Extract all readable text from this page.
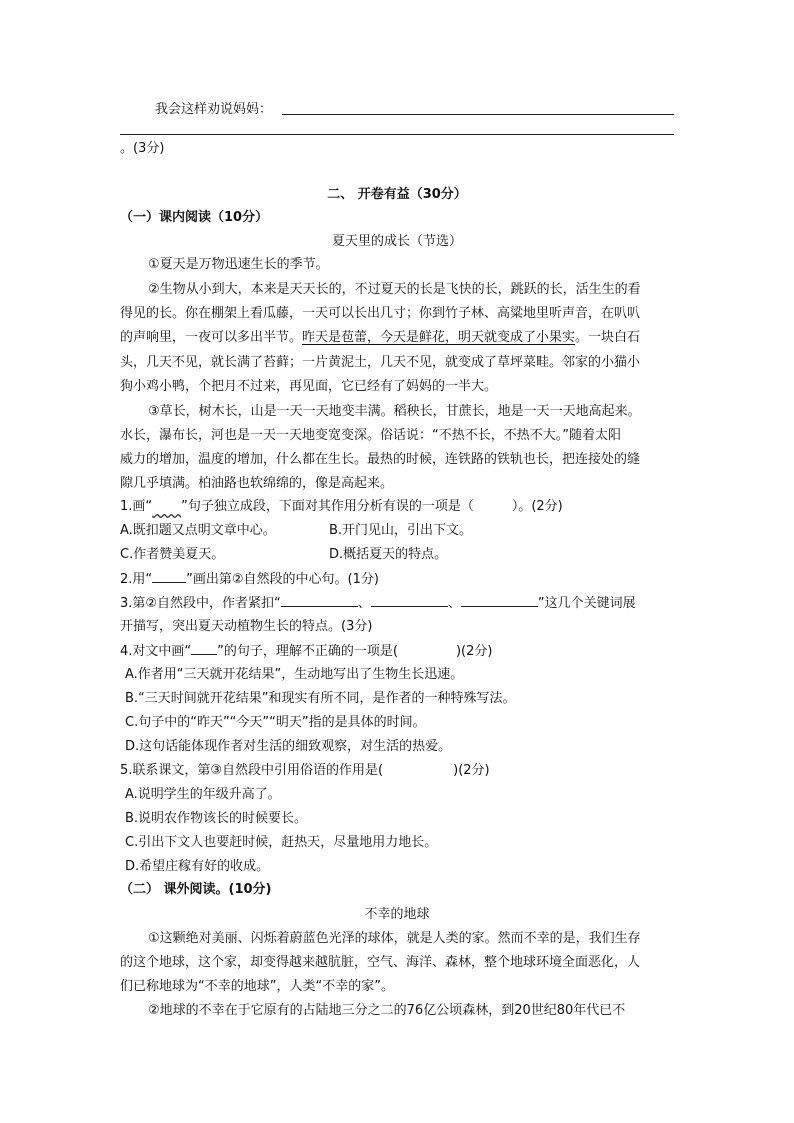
我会这样劝说妈妈：
。(3分)
二、 开卷有益（30分）
（一）课内阅读（10分）
夏天里的成长（节选）
①夏天是万物迅速生长的季节。
②生物从小到大，本来是天天长的，不过夏天的长是飞快的长，跳跃的长，活生生的看
得见的长。你在棚架上看瓜藤，一天可以长出几寸；你到竹子林、高粱地里听声音，在叭叭
的声响里，一夜可以多出半节。昨天是苞蕾，今天是鲜花，明天就变成了小果实。一块白石
头，几天不见，就长满了苔藓；一片黄泥土，几天不见，就变成了草坪菜畦。邻家的小猫小
狗小鸡小鸭，个把月不过来，再见面，它已经有了妈妈的一半大。
③草长，树木长，山是一天一天地变丰满。稻秧长，甘蔗长，地是一天一天地高起来。
水长，瀑布长，河也是一天一天地变宽变深。俗话说：“不热不长，不热不大。”随着太阳
威力的增加，温度的增加，什么都在生长。最热的时候，连铁路的铁轨也长，把连接处的缝
隙几乎填满。柏油路也软绵绵的，像是高起来。
1.画“ ”句子独立成段，下面对其作用分析有误的一项是（	）。(2分)
A.既扣题又点明文章中心。	B.开门见山，引出下文。
C.作者赞美夏天。	D.概括夏天的特点。
2.用“	”画出第②自然段的中心句。(1分)
3.第②自然段中，作者紧扣“	、	、	”这几个关键词展
开描写，突出夏天动植物生长的特点。(3分)
4.对文中画“ ”的句子，理解不正确的一项是(	)(2分)
A.作者用“三天就开花结果”，生动地写出了生物生长迅速。
B.“三天时间就开花结果”和现实有所不同，是作者的一种特殊写法。
C.句子中的“昨天”“今天”“明天”指的是具体的时间。
D.这句话能体现作者对生活的细致观察，对生活的热爱。
5.联系课文，第③自然段中引用俗语的作用是(	)(2分)
A.说明学生的年级升高了。
B.说明农作物该长的时候要长。
C.引出下文人也要赶时候，赶热天，尽量地用力地长。
D.希望庄稼有好的收成。
（二） 课外阅读。(10分)
不幸的地球
①这颗绝对美丽、闪烁着蔚蓝色光泽的球体，就是人类的家。然而不幸的是，我们生存
的这个地球，这个家，却变得越来越肮脏，空气、海洋、森林，整个地球环境全面恶化，人
们已称地球为“不幸的地球”，人类“不幸的家”。
②地球的不幸在于它原有的占陆地三分之二的76亿公顷森林，到20世纪80年代已不
